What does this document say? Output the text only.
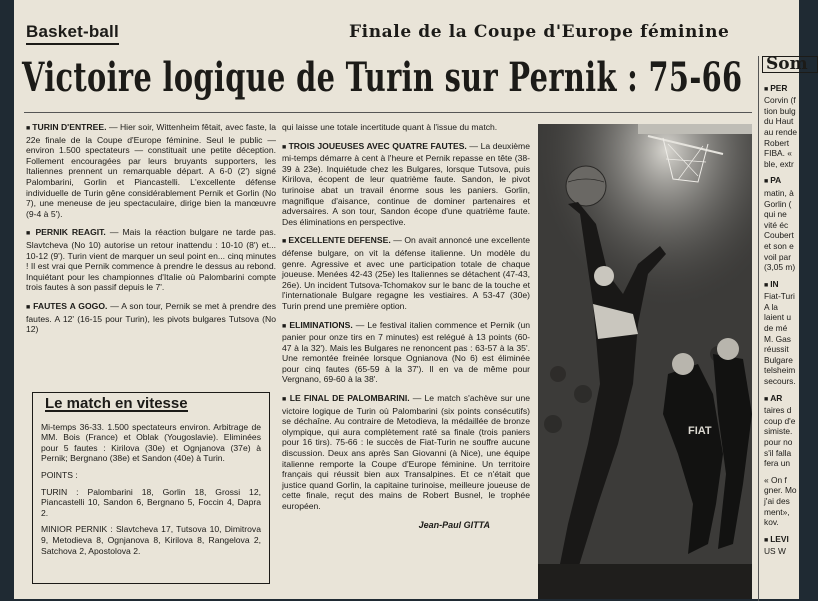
Basket-ball	Finale de la Coupe d'Europe féminine
Victoire logique de Turin sur Pernik : 75-66

■ TURIN D'ENTREE. — Hier soir, Wittenheim fêtait, avec faste, la 22e finale de la Coupe d'Europe féminine. Seul le public — environ 1.500 spectateurs — constituait une petite déception. Follement encouragées par leurs bruyants supporters, les Italiennes prennent un remarquable départ. A 6-0 (2') signé Palombarini, Gorlin et Piancastelli. L'excellente défense individuelle de Turin gêne considérablement Pernik et Gorlin (No 7), une meneuse de jeu spectaculaire, dirige bien la manœuvre (9-4 à 5').

■ PERNIK REAGIT. — Mais la réaction bulgare ne tarde pas. Slavtcheva (No 10) autorise un retour inattendu : 10-10 (8') et... 10-12 (9'). Turin vient de marquer un seul point en... cinq minutes ! Il est vrai que Pernik commence à prendre le dessus au rebond. Inquiétant pour les championnes d'Italie où Palombarini compte trois fautes à son passif depuis le 7'.

■ FAUTES A GOGO. — A son tour, Pernik se met à prendre des fautes. A 12' (16-15 pour Turin), les pivots bulgares Tutsova (No 12)

Le match en vitesse

Mi-temps 36-33. 1.500 spectateurs environ. Arbitrage de MM. Bois (France) et Oblak (Yougoslavie). Eliminées pour 5 fautes : Kirilova (30e) et Ognjanova (37e) à Pernik; Bergnano (38e) et Sandon (40e) à Turin.

POINTS :

TURIN : Palombarini 18, Gorlin 18, Grossi 12, Piancastelli 10, Sandon 6, Bergnano 5, Foccin 4, Dapra 2.

MINIOR PERNIK : Slavtcheva 17, Tutsova 10, Dimitrova 9, Metodieva 8, Ognjanova 8, Kirilova 8, Rangelova 2, Satchova 2, Apostolova 2.

qui laisse une totale incertitude quant à l'issue du match.

■ TROIS JOUEUSES AVEC QUATRE FAUTES. — La deuxième mi-temps démarre à cent à l'heure et Pernik repasse en tête (38-39 à 23e). Inquiétude chez les Bulgares, lorsque Tutsova, puis Kirilova, écopent de leur quatrième faute. Sandon, le pivot turinoise abat un travail énorme sous les paniers. Gorlin, magnifique d'aisance, continue de dominer partenaires et adversaires. A son tour, Sandon écope d'une quatrième faute. Des éliminations en perspective.

■ EXCELLENTE DEFENSE. — On avait annoncé une excellente défense bulgare, on vit la défense italienne. Un modèle du genre. Agressive et avec une participation totale de chaque joueuse. Menées 42-43 (25e) les Italiennes se détachent (47-43, 26e). Un incident Tutsova-Tchomakov sur le banc de la touche et l'internationale Bulgare regagne les vestiaires. A 53-47 (30e) Turin prend une première option.

■ ELIMINATIONS. — Le festival italien commence et Pernik (un panier pour onze tirs en 7 minutes) est relégué à 13 points (60-47 à la 32'). Mais les Bulgares ne renoncent pas : 63-57 à la 35'. Une remontée freinée lorsque Ognianova (No 6) est éliminée pour cinq fautes (65-59 à la 37'). Il en va de même pour Vergnano, 69-60 à la 38'.

■ LE FINAL DE PALOMBARINI. — Le match s'achève sur une victoire logique de Turin où Palombarini (six points consécutifs) se déchaîne. Au contraire de Metodieva, la médaillée de bronze olympique, qui aura complètement raté sa finale (trois paniers pour 16 tirs). 75-66 : le succès de Fiat-Turin ne souffre aucune discussion. Deux ans après San Giovanni (à Nice), une équipe italienne remporte la Coupe d'Europe féminine. Un territoire français qui réussit bien aux Transalpines. Et ce n'était que justice quand Gorlin, la capitaine turinoise, meilleure joueuse de cette finale, reçut des mains de Robert Busnel, le trophée européen.

Jean-Paul GITTA
FIAT
Som
■ PER
Corvin (f
tion bulg
du Haut
au rende
Robert
FIBA. «
ble, extr

■ PA
matin, à
Gorlin (
qui ne
vité éc
Coubert
et son e
voil par
(3,05 m)

■ IN
Fiat-Turi
A la
laient u
de mé
M. Gas
réussit
Bulgare
telsheim
secours.

■ AR
taires d
coup d'e
simiste.
pour no
s'il falla
fera un

« On f
gner. Mo
j'ai des
ment»,
kov.

■ LEVI
US W
